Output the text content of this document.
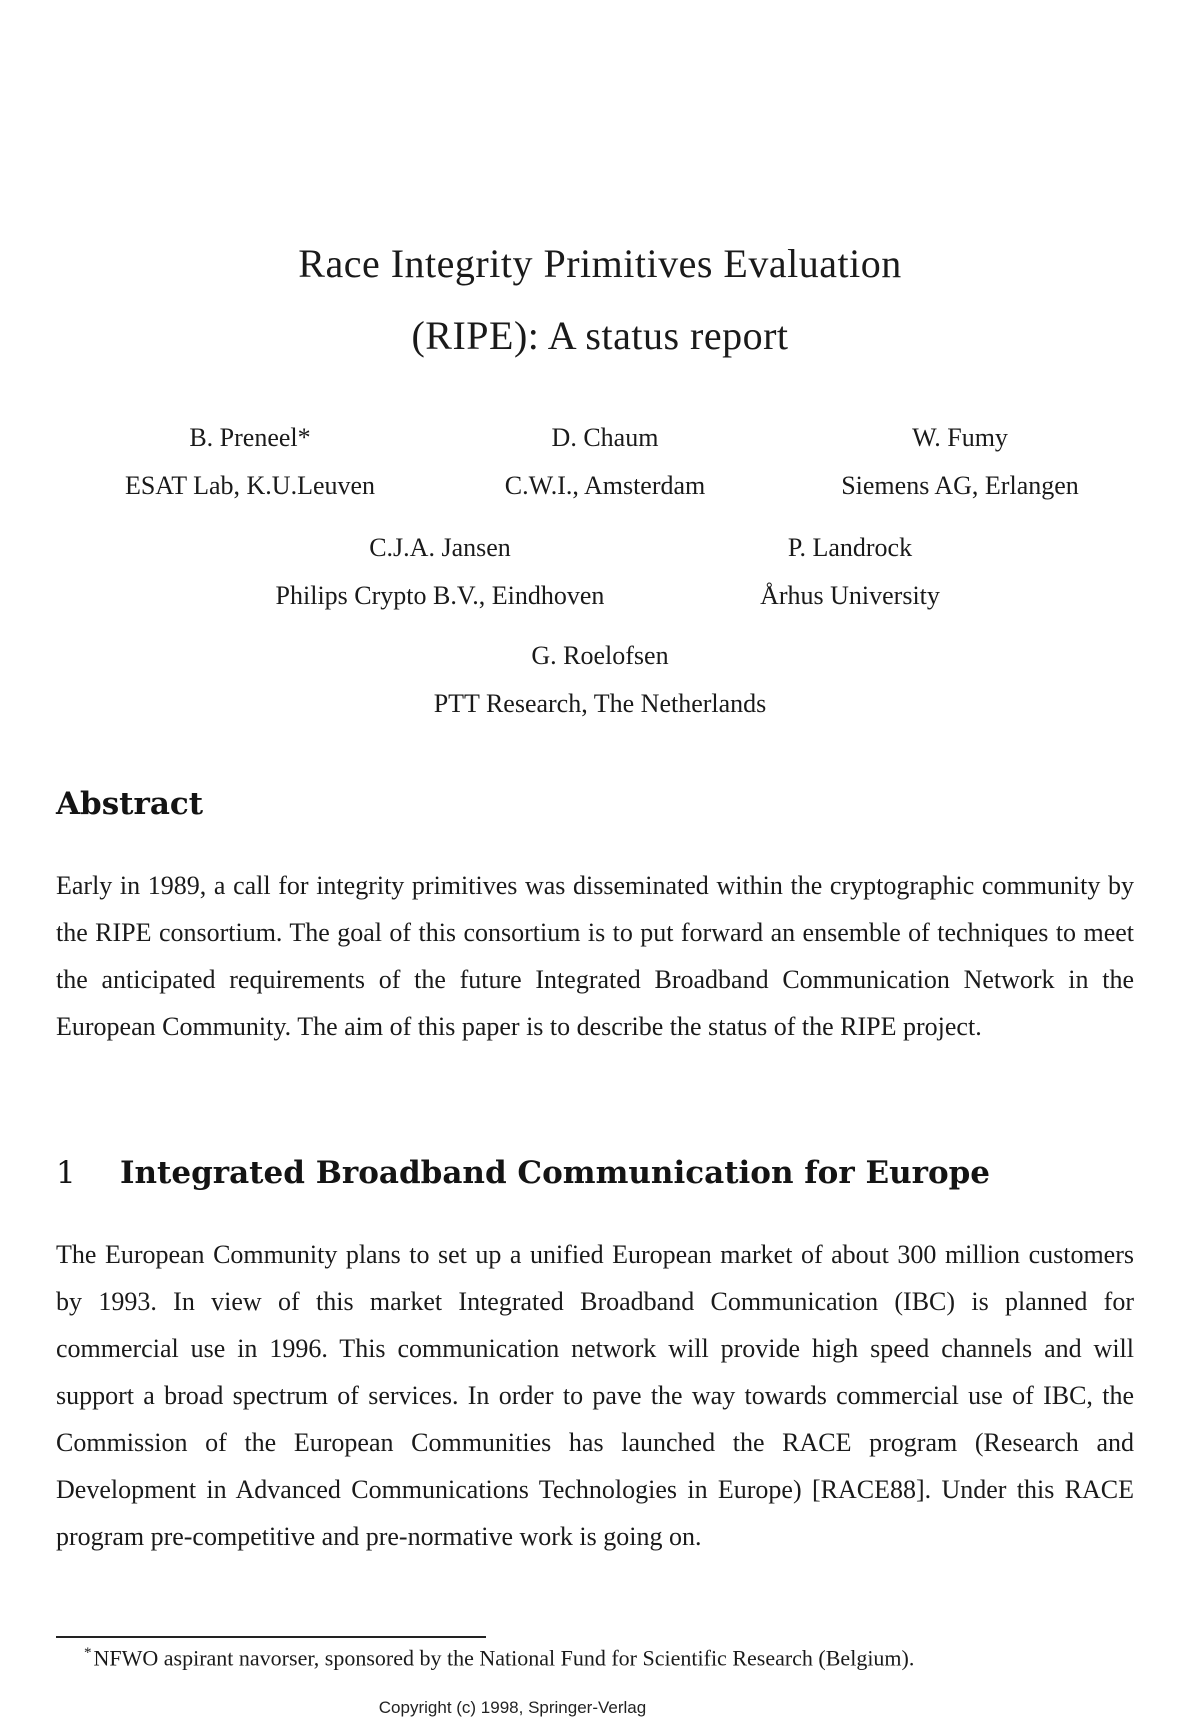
Race Integrity Primitives Evaluation
(RIPE): A status report
B. Preneel*
ESAT Lab, K.U.Leuven
D. Chaum
C.W.I., Amsterdam
W. Fumy
Siemens AG, Erlangen
C.J.A. Jansen
Philips Crypto B.V., Eindhoven
P. Landrock
Århus University
G. Roelofsen
PTT Research, The Netherlands
Abstract

Early in 1989, a call for integrity primitives was disseminated within the cryptographic community by the RIPE consortium. The goal of this consortium is to put forward an ensemble of techniques to meet the anticipated requirements of the future Integrated Broadband Communication Network in the European Community. The aim of this paper is to describe the status of the RIPE project.

1 Integrated Broadband Communication for Europe

The European Community plans to set up a unified European market of about 300 million customers by 1993. In view of this market Integrated Broadband Communication (IBC) is planned for commercial use in 1996. This communication network will provide high speed channels and will support a broad spectrum of services. In order to pave the way towards commercial use of IBC, the Commission of the European Communities has launched the RACE program (Research and Development in Advanced Communications Technologies in Europe) [RACE88]. Under this RACE program pre-competitive and pre-normative work is going on.

*NFWO aspirant navorser, sponsored by the National Fund for Scientific Research (Belgium).
Copyright (c) 1998, Springer-Verlag
